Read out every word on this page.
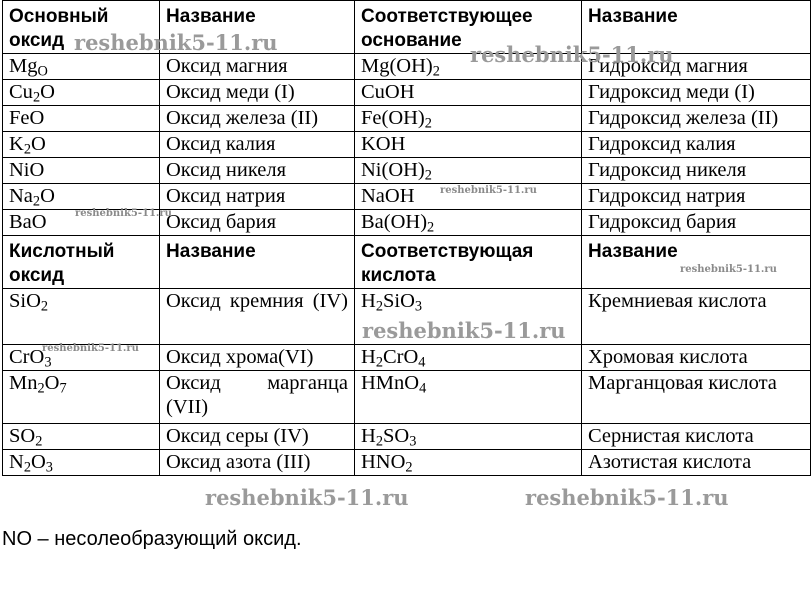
Основный оксид	Название	Соответствующее основание	Название
$Mg_O$	Оксид магния	$Mg(OH)_2$	Гидроксид магния
$Cu_2O$	Оксид меди (I)	CuOH	Гидроксид меди (I)
FeO	Оксид железа (II)	$Fe(OH)_2$	Гидроксид железа (II)
$K_2O$	Оксид калия	KOH	Гидроксид калия
NiO	Оксид никеля	$Ni(OH)_2$	Гидроксид никеля
$Na_2O$	Оксид натрия	NaOH	Гидроксид натрия
BaO	Оксид бария	$Ba(OH)_2$	Гидроксид бария
Кислотный оксид	Название	Соответствующая кислота	Название
SiO$_2$	Оксид кремния (IV)	$H_2SiO_3$	Кремниевая кислота
CrO$_3$	Оксид хрома(VI)	$H_2CrO_4$	Хромовая кислота
$Mn_2O_7$	Оксид марганца (VII)	HMnO$_4$	Марганцовая кислота
$SO_2$	Оксид серы (IV)	$H_2SO_3$	Сернистая кислота
$N_2O_3$	Оксид азота (III)	$HNO_2$	Азотистая кислота
reshebnik5-11.ru	reshebnik5-11.ru
reshebnik5-11.ru
reshebnik5-11.ru
reshebnik5-11.ru
reshebnik5-11.ru
reshebnik5-11.ru
reshebnik5-11.ru	reshebnik5-11.ru
NO – несолеобразующий оксид.
